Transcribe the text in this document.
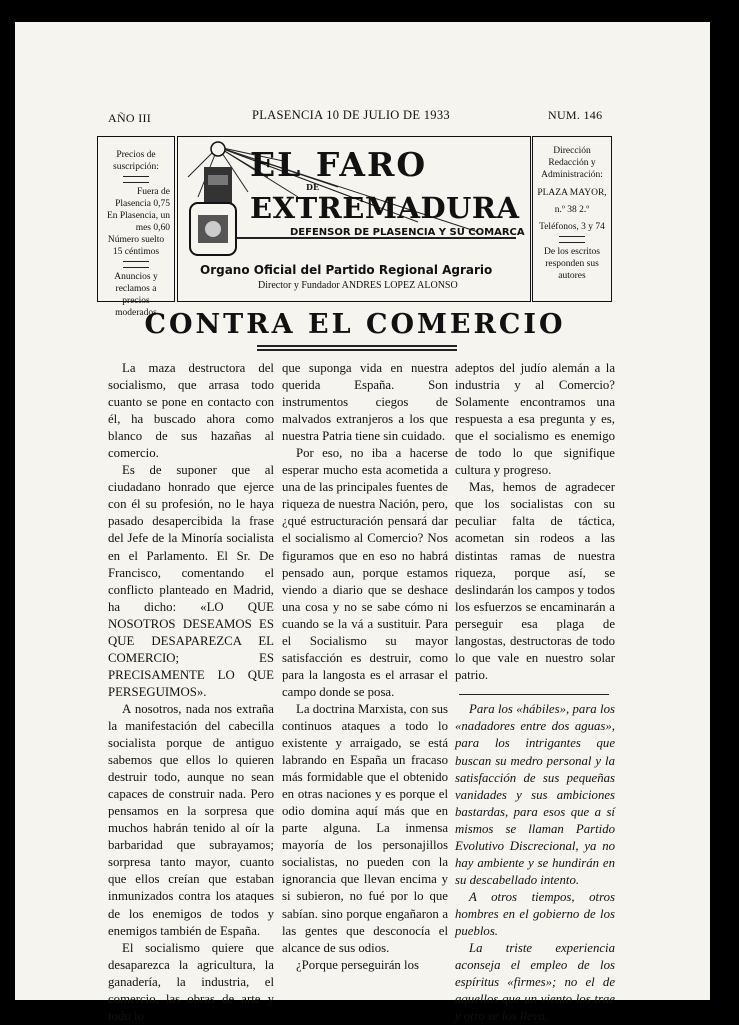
AÑO III	PLASENCIA 10 DE JULIO DE 1933	NUM. 146
Precios de suscripción:
Fuera de Plasencia 0,75
En Plasencia, un mes 0,60
Número suelto 15 céntimos
Anuncios y reclamos a precios moderados
EL FARO
DE
EXTREMADURA
DEFENSOR DE PLASENCIA Y SU COMARCA
Organo Oficial del Partido Regional Agrario
Director y Fundador ANDRES LOPEZ ALONSO
Dirección Redacción y Administración:
PLAZA MAYOR,
n.º 38 2.º
Teléfonos, 3 y 74
De los escritos responden sus autores
CONTRA EL COMERCIO

La maza destructora del socialismo, que arrasa todo cuanto se pone en contacto con él, ha buscado ahora como blanco de sus hazañas al comercio.

Es de suponer que al ciudadano honrado que ejerce con él su profesión, no le haya pasado desapercibida la frase del Jefe de la Minoría socialista en el Parlamento. El Sr. De Francisco, comentando el conflicto planteado en Madrid, ha dicho: «LO QUE NOSOTROS DESEAMOS ES QUE DESAPAREZCA EL COMERCIO; ES PRECISAMENTE LO QUE PERSEGUIMOS».

A nosotros, nada nos extraña la manifestación del cabecilla socialista porque de antiguo sabemos que ellos lo quieren destruir todo, aunque no sean capaces de construir nada. Pero pensamos en la sorpresa que muchos habrán tenido al oír la barbaridad que subrayamos; sorpresa tanto mayor, cuanto que ellos creían que estaban inmunizados contra los ataques de los enemigos de todos y enemigos también de España.

El socialismo quiere que desaparezca la agricultura, la ganadería, la industria, el comercio, las obras de arte y todo lo

que suponga vida en nuestra querida España. Son instrumentos ciegos de malvados extranjeros a los que nuestra Patria tiene sin cuidado.

Por eso, no iba a hacerse esperar mucho esta acometida a una de las principales fuentes de riqueza de nuestra Nación, pero, ¿qué estructuración pensará dar el socialismo al Comercio? Nos figuramos que en eso no habrá pensado aun, porque estamos viendo a diario que se deshace una cosa y no se sabe cómo ni cuando se la vá a sustituir. Para el Socialismo su mayor satisfacción es destruir, como para la langosta es el arrasar el campo donde se posa.

La doctrina Marxista, con sus continuos ataques a todo lo existente y arraigado, se está labrando en España un fracaso más formidable que el obtenido en otras naciones y es porque el odio domina aquí más que en parte alguna. La inmensa mayoría de los personajillos socialistas, no pueden con la ignorancia que llevan encima y si subieron, no fué por lo que sabían. sino porque engañaron a las gentes que desconocía el alcance de sus odios.

¿Porque perseguirán los

adeptos del judío alemán a la industria y al Comercio? Solamente encontramos una respuesta a esa pregunta y es, que el socialismo es enemigo de todo lo que signifique cultura y progreso.

Mas, hemos de agradecer que los socialistas con su peculiar falta de táctica, acometan sin rodeos a las distintas ramas de nuestra riqueza, porque así, se deslindarán los campos y todos los esfuerzos se encaminarán a perseguir esa plaga de langostas, destructoras de todo lo que vale en nuestro solar patrio.

Para los «hábiles», para los «nadadores entre dos aguas», para los intrigantes que buscan su medro personal y la satisfacción de sus pequeñas vanidades y sus ambiciones bastardas, para esos que a sí mismos se llaman Partido Evolutivo Discrecional, ya no hay ambiente y se hundirán en su descabellado intento.

A otros tiempos, otros hombres en el gobierno de los pueblos.

La triste experiencia aconseja el empleo de los espíritus «firmes»; no el de aquellos que un viento los trae y otro se los lleva.
